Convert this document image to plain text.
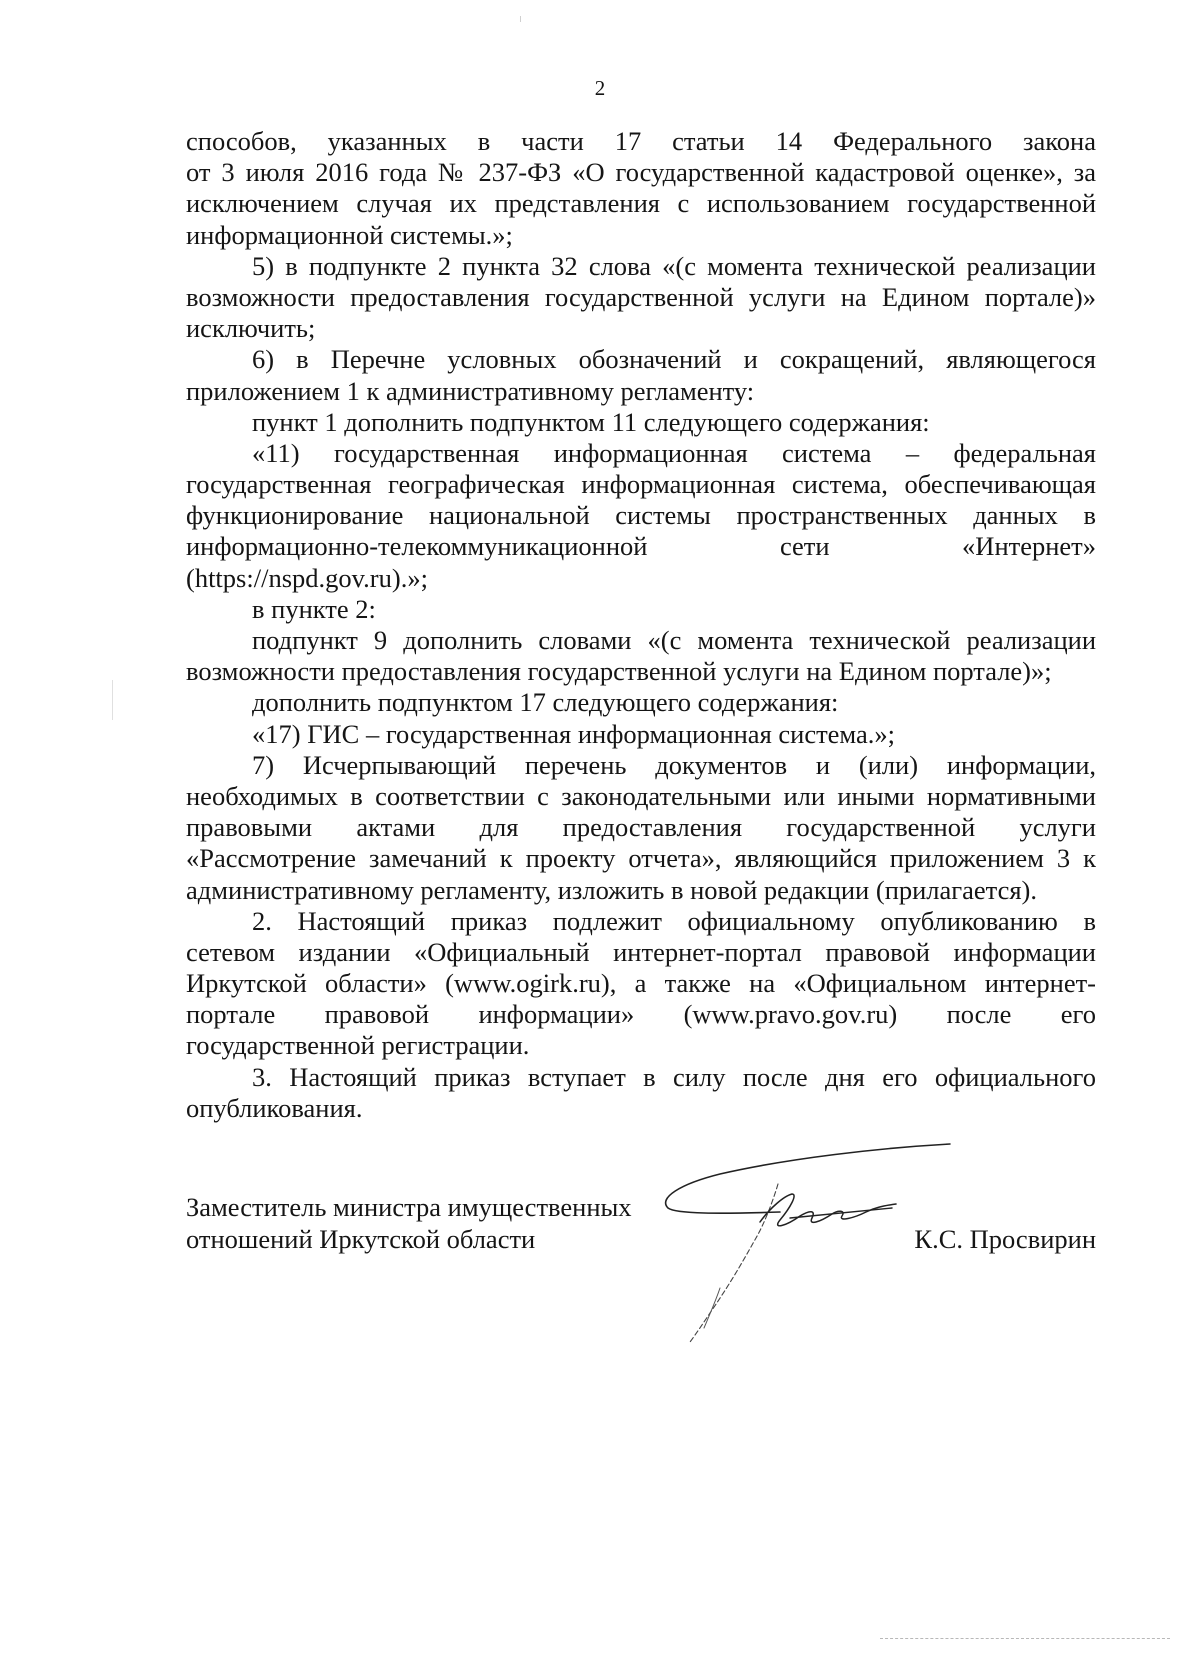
2
способов, указанных в части 17 статьи 14 Федерального закона
от 3 июля 2016 года № 237-ФЗ «О государственной кадастровой оценке», за
исключением случая их представления с использованием государственной
информационной системы.»;
5) в подпункте 2 пункта 32 слова «(с момента технической реализации
возможности предоставления государственной услуги на Едином портале)»
исключить;
6) в Перечне условных обозначений и сокращений, являющегося
приложением 1 к административному регламенту:
пункт 1 дополнить подпунктом 11 следующего содержания:
«11) государственная информационная система – федеральная
государственная географическая информационная система, обеспечивающая
функционирование национальной системы пространственных данных в
информационно-телекоммуникационной сети «Интернет»
(https://nspd.gov.ru).»;
в пункте 2:
подпункт 9 дополнить словами «(с момента технической реализации
возможности предоставления государственной услуги на Едином портале)»;
дополнить подпунктом 17 следующего содержания:
«17) ГИС – государственная информационная система.»;
7) Исчерпывающий перечень документов и (или) информации,
необходимых в соответствии с законодательными или иными нормативными
правовыми актами для предоставления государственной услуги
«Рассмотрение замечаний к проекту отчета», являющийся приложением 3 к
административному регламенту, изложить в новой редакции (прилагается).
2. Настоящий приказ подлежит официальному опубликованию в
сетевом издании «Официальный интернет-портал правовой информации
Иркутской области» (www.ogirk.ru), а также на «Официальном интернет-
портале правовой информации» (www.pravo.gov.ru) после его
государственной регистрации.
3. Настоящий приказ вступает в силу после дня его официального
опубликования.
Заместитель министра имущественных
отношений Иркутской области	К.С. Просвирин
